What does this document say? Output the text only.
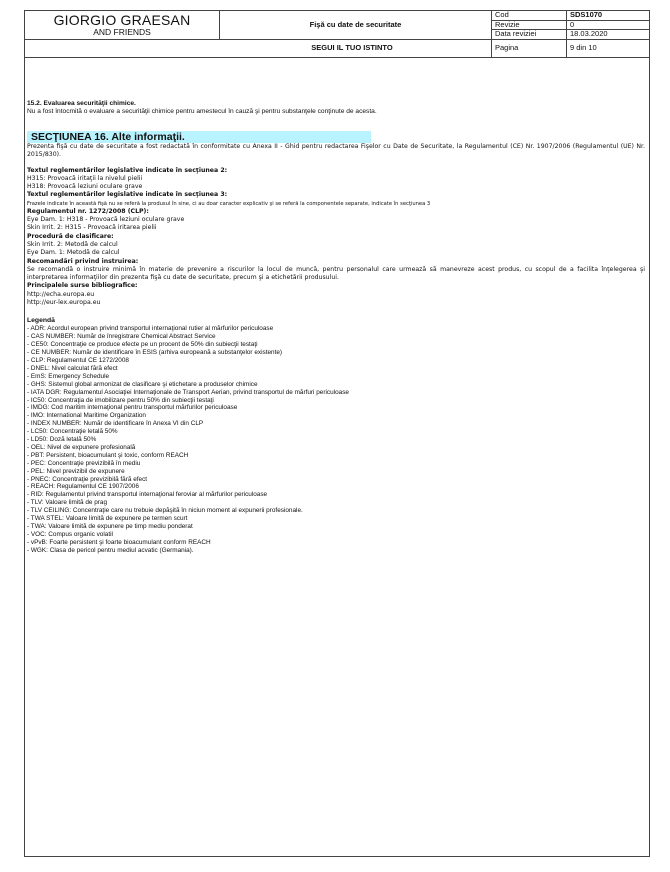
GIORGIO GRAESAN
AND FRIENDS	Fişă cu date de securitate	Cod	SDS1070
		Revizie	0
		Data reviziei	18.03.2020
SEGUI IL TUO ISTINTO		Pagina	9 din 10
15.2. Evaluarea securităţii chimice.
Nu a fost întocmită o evaluare a securităţii chimice pentru amestecul în cauză şi pentru substanţele conţinute de acesta.
SECŢIUNEA 16. Alte informaţii.
Prezenta fişă cu date de securitate a fost redactată în conformitate cu Anexa II - Ghid pentru redactarea Fişelor cu Date de Securitate, la Regulamentul (CE) Nr. 1907/2006 (Regulamentul (UE) Nr. 2015/830).
Textul reglementărilor legislative indicate în secţiunea 2:
H315: Provoacă iritaţii la nivelul pielii
H318: Provoacă leziuni oculare grave
Textul reglementărilor legislative indicate în secţiunea 3:
Frazele indicate în această fişă nu se referă la produsul în sine, ci au doar caracter explicativ şi se referă la componentele separate, indicate în secţiunea 3
Regulamentul nr. 1272/2008 (CLP):
Eye Dam. 1: H318 - Provoacă leziuni oculare grave
Skin Irrit. 2: H315 - Provoacă iritarea pielii
Procedură de clasificare:
Skin Irrit. 2: Metodă de calcul
Eye Dam. 1: Metodă de calcul
Recomandări privind instruirea:
Se recomandă o instruire minimă în materie de prevenire a riscurilor la locul de muncă, pentru personalul care urmează să manevreze acest produs, cu scopul de a facilita înţelegerea şi interpretarea informaţiilor din prezenta fişă cu date de securitate, precum şi a etichetării produsului.
Principalele surse bibliografice:
http://echa.europa.eu
http://eur-lex.europa.eu
Legendă
- ADR: Acordul european privind transportul internaţional rutier al mărfurilor periculoase
- CAS NUMBER: Număr de înregistrare Chemical Abstract Service
- CE50: Concentraţie ce produce efecte pe un procent de 50% din subiecţii testaţi
- CE NUMBER: Număr de identificare în ESIS (arhiva europeană a substanţelor existente)
- CLP: Regulamentul CE 1272/2008
- DNEL: Nivel calculat fără efect
- EmS: Emergency Schedule
- GHS: Sistemul global armonizat de clasificare şi etichetare a produselor chimice
- IATA DGR: Regulamentul Asociaţiei Internaţionale de Transport Aerian, privind transportul de mărfuri periculoase
- IC50: Concentraţia de imobilizare pentru 50% din subiecţii testaţi
- IMDG: Cod maritim internaţional pentru transportul mărfurilor periculoase
- IMO: International Maritime Organization
- INDEX NUMBER: Număr de identificare în Anexa VI din CLP
- LC50: Concentraţie letală 50%
- LD50: Doză letală 50%
- OEL: Nivel de expunere profesională
- PBT: Persistent, bioacumulant şi toxic, conform REACH
- PEC: Concentraţie previzibilă în mediu
- PEL: Nivel previzibil de expunere
- PNEC: Concentraţie previzibilă fără efect
- REACH: Regulamentul CE 1907/2006
- RID: Regulamentul privind transportul internaţional feroviar al mărfurilor periculoase
- TLV: Valoare limită de prag
- TLV CEILING: Concentraţie care nu trebuie depăşită în niciun moment al expunerii profesionale.
- TWA STEL: Valoare limită de expunere pe termen scurt
- TWA: Valoare limită de expunere pe timp mediu ponderat
- VOC: Compus organic volatil
- vPvB: Foarte persistent şi foarte bioacumulant conform REACH
- WGK: Clasa de pericol pentru mediul acvatic (Germania).
